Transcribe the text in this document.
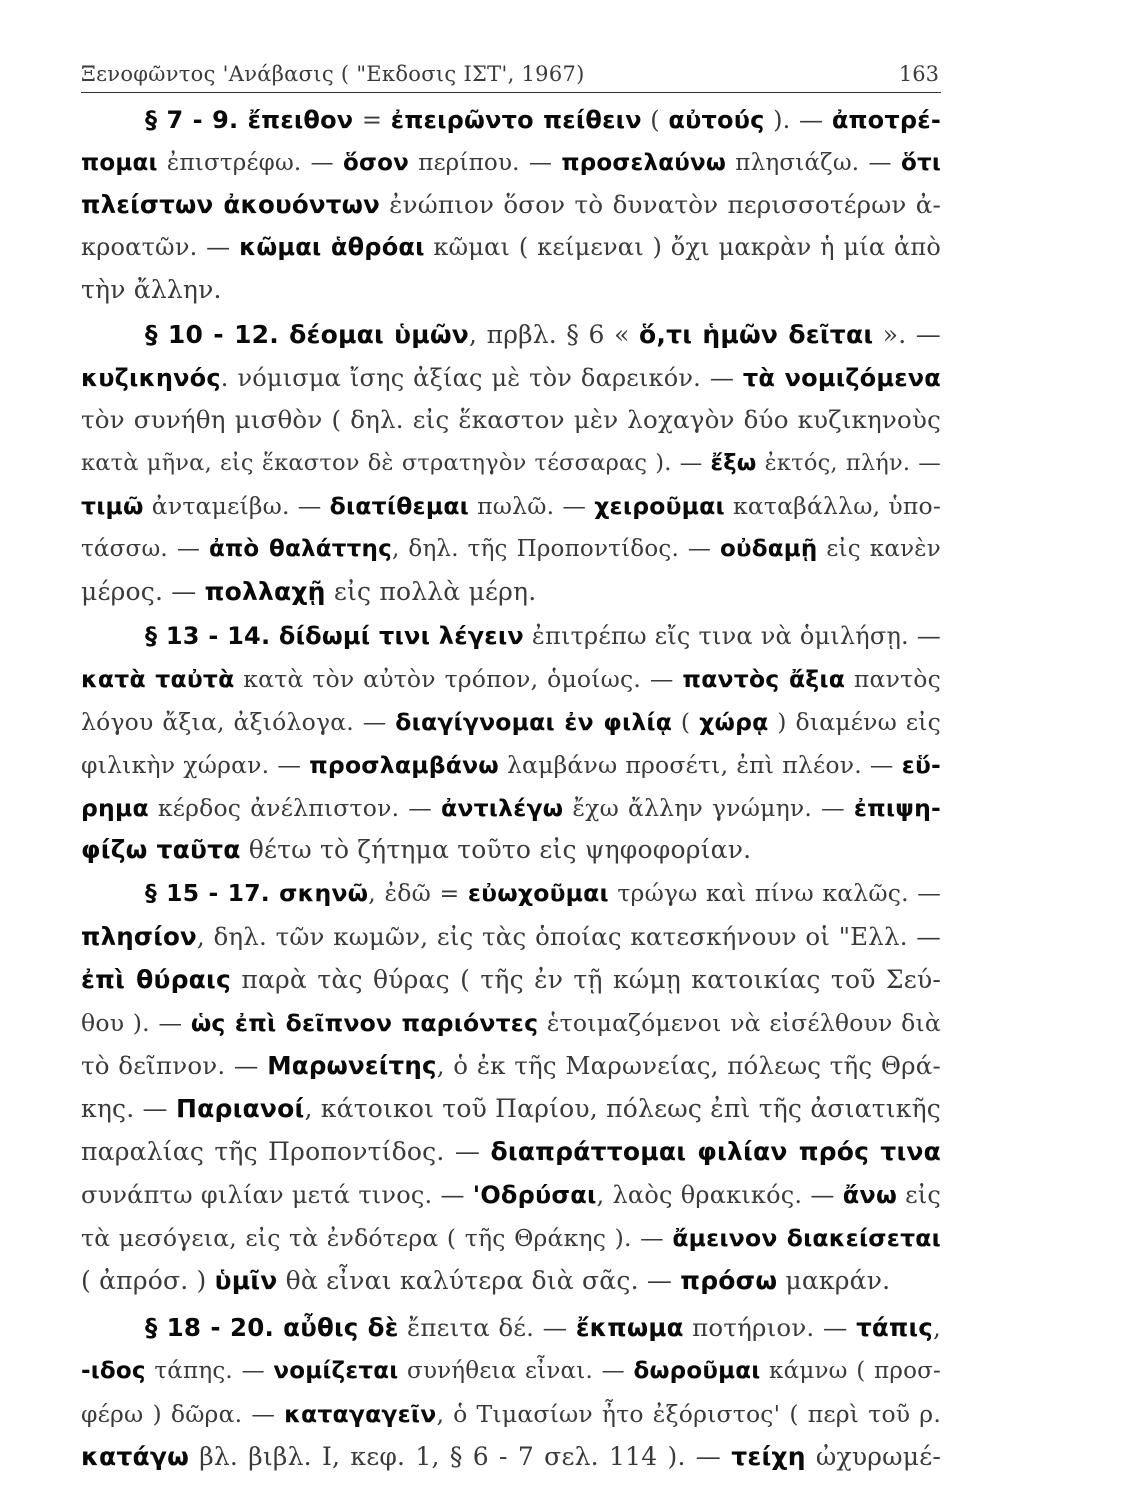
Ξενοφῶντος 'Ανάβασις ( "Εκδοσις ΙΣΤ', 1967)	163
§ 7 - 9. ἔπειθον = ἐπειρῶντο πείθειν ( αὐτούς ). — ἀποτρέ-
πομαι ἐπιστρέφω. — ὅσον περίπου. — προσελαύνω πλησιάζω. — ὅτι
πλείστων ἀκουόντων ἐνώπιον ὅσον τὸ δυνατὸν περισσοτέρων ἀ-
κροατῶν. — κῶμαι ἁθρόαι κῶμαι ( κείμεναι ) ὄχι μακρὰν ἡ μία ἀπὸ
τὴν ἄλλην.
§ 10 - 12. δέομαι ὑμῶν, πρβλ. § 6 « ὅ,τι ἡμῶν δεῖται ». —
κυζικηνός. νόμισμα ἴσης ἀξίας μὲ τὸν δαρεικόν. — τὰ νομιζόμενα
τὸν συνήθη μισθὸν ( δηλ. εἰς ἕκαστον μὲν λοχαγὸν δύο κυζικηνοὺς
κατὰ μῆνα, εἰς ἕκαστον δὲ στρατηγὸν τέσσαρας ). — ἔξω ἐκτός, πλήν. —
τιμῶ ἀνταμείβω. — διατίθεμαι πωλῶ. — χειροῦμαι καταβάλλω, ὑπο-
τάσσω. — ἀπὸ θαλάττης, δηλ. τῆς Προποντίδος. — οὐδαμῇ εἰς κανὲν
μέρος. — πολλαχῇ εἰς πολλὰ μέρη.
§ 13 - 14. δίδωμί τινι λέγειν ἐπιτρέπω εἴς τινα νὰ ὁμιλήσῃ. —
κατὰ ταὐτὰ κατὰ τὸν αὐτὸν τρόπον, ὁμοίως. — παντὸς ἄξια παντὸς
λόγου ἄξια, ἀξιόλογα. — διαγίγνομαι ἐν φιλίᾳ ( χώρᾳ ) διαμένω εἰς
φιλικὴν χώραν. — προσλαμβάνω λαμβάνω προσέτι, ἐπὶ πλέον. — εὕ-
ρημα κέρδος ἀνέλπιστον. — ἀντιλέγω ἔχω ἄλλην γνώμην. — ἐπιψη-
φίζω ταῦτα θέτω τὸ ζήτημα τοῦτο εἰς ψηφοφορίαν.
§ 15 - 17. σκηνῶ, ἐδῶ = εὐωχοῦμαι τρώγω καὶ πίνω καλῶς. —
πλησίον, δηλ. τῶν κωμῶν, εἰς τὰς ὁποίας κατεσκήνουν οἱ "Ελλ. —
ἐπὶ θύραις παρὰ τὰς θύρας ( τῆς ἐν τῇ κώμῃ κατοικίας τοῦ Σεύ-
θου ). — ὡς ἐπὶ δεῖπνον παριόντες ἑτοιμαζόμενοι νὰ εἰσέλθουν διὰ
τὸ δεῖπνον. — Μαρωνείτης, ὁ ἐκ τῆς Μαρωνείας, πόλεως τῆς Θρά-
κης. — Παριανοί, κάτοικοι τοῦ Παρίου, πόλεως ἐπὶ τῆς ἀσιατικῆς
παραλίας τῆς Προποντίδος. — διαπράττομαι φιλίαν πρός τινα
συνάπτω φιλίαν μετά τινος. — 'Οδρύσαι, λαὸς θρακικός. — ἄνω εἰς
τὰ μεσόγεια, εἰς τὰ ἐνδότερα ( τῆς Θράκης ). — ἄμεινον διακείσεται
( ἀπρόσ. ) ὑμῖν θὰ εἶναι καλύτερα διὰ σᾶς. — πρόσω μακράν.
§ 18 - 20. αὖθις δὲ ἔπειτα δέ. — ἔκπωμα ποτήριον. — τάπις,
-ιδος τάπης. — νομίζεται συνήθεια εἶναι. — δωροῦμαι κάμνω ( προσ-
φέρω ) δῶρα. — καταγαγεῖν, ὁ Τιμασίων ἦτο ἐξόριστος' ( περὶ τοῦ ρ.
κατάγω βλ. βιβλ. I, κεφ. 1, § 6 - 7 σελ. 114 ). — τείχη ὠχυρωμέ-
